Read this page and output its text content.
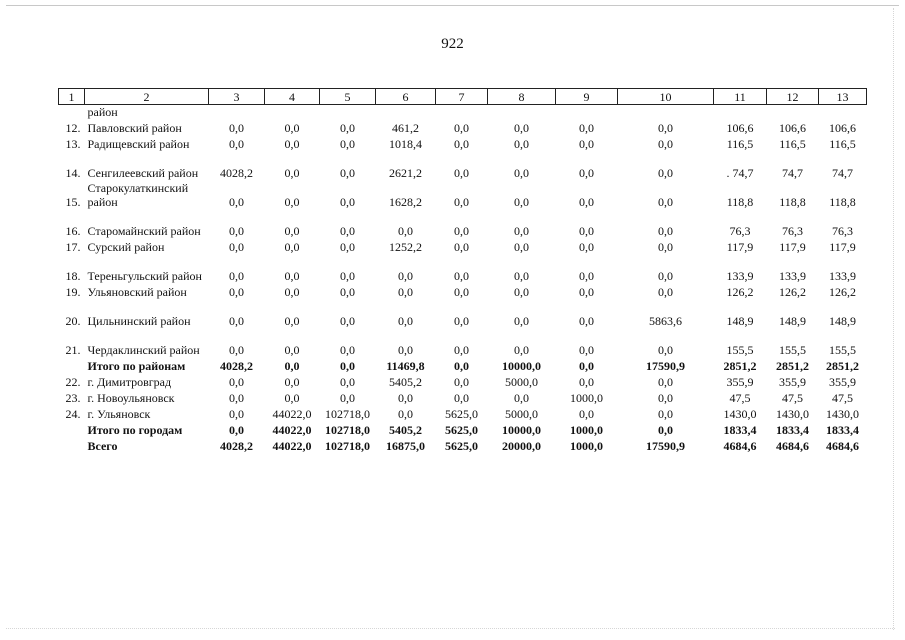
922
1	2	3	4	5	6	7	8	9	10	11	12	13
	район											
12.	Павловский район	0,0	0,0	0,0	461,2	0,0	0,0	0,0	0,0	106,6	106,6	106,6
13.	Радищевский район	0,0	0,0	0,0	1018,4	0,0	0,0	0,0	0,0	116,5	116,5	116,5
14.	Сенгилеевский район	4028,2	0,0	0,0	2621,2	0,0	0,0	0,0	0,0	. 74,7	74,7	74,7
15.	Старокулаткинский район	0,0	0,0	0,0	1628,2	0,0	0,0	0,0	0,0	118,8	118,8	118,8
16.	Старомайнский район	0,0	0,0	0,0	0,0	0,0	0,0	0,0	0,0	76,3	76,3	76,3
17.	Сурский район	0,0	0,0	0,0	1252,2	0,0	0,0	0,0	0,0	117,9	117,9	117,9
18.	Тереньгульский район	0,0	0,0	0,0	0,0	0,0	0,0	0,0	0,0	133,9	133,9	133,9
19.	Ульяновский район	0,0	0,0	0,0	0,0	0,0	0,0	0,0	0,0	126,2	126,2	126,2
20.	Цильнинский район	0,0	0,0	0,0	0,0	0,0	0,0	0,0	5863,6	148,9	148,9	148,9
21.	Чердаклинский район	0,0	0,0	0,0	0,0	0,0	0,0	0,0	0,0	155,5	155,5	155,5
	Итого по районам	4028,2	0,0	0,0	11469,8	0,0	10000,0	0,0	17590,9	2851,2	2851,2	2851,2
22.	г. Димитровград	0,0	0,0	0,0	5405,2	0,0	5000,0	0,0	0,0	355,9	355,9	355,9
23.	г. Новоульяновск	0,0	0,0	0,0	0,0	0,0	0,0	1000,0	0,0	47,5	47,5	47,5
24.	г. Ульяновск	0,0	44022,0	102718,0	0,0	5625,0	5000,0	0,0	0,0	1430,0	1430,0	1430,0
	Итого по городам	0,0	44022,0	102718,0	5405,2	5625,0	10000,0	1000,0	0,0	1833,4	1833,4	1833,4
	Всего	4028,2	44022,0	102718,0	16875,0	5625,0	20000,0	1000,0	17590,9	4684,6	4684,6	4684,6
